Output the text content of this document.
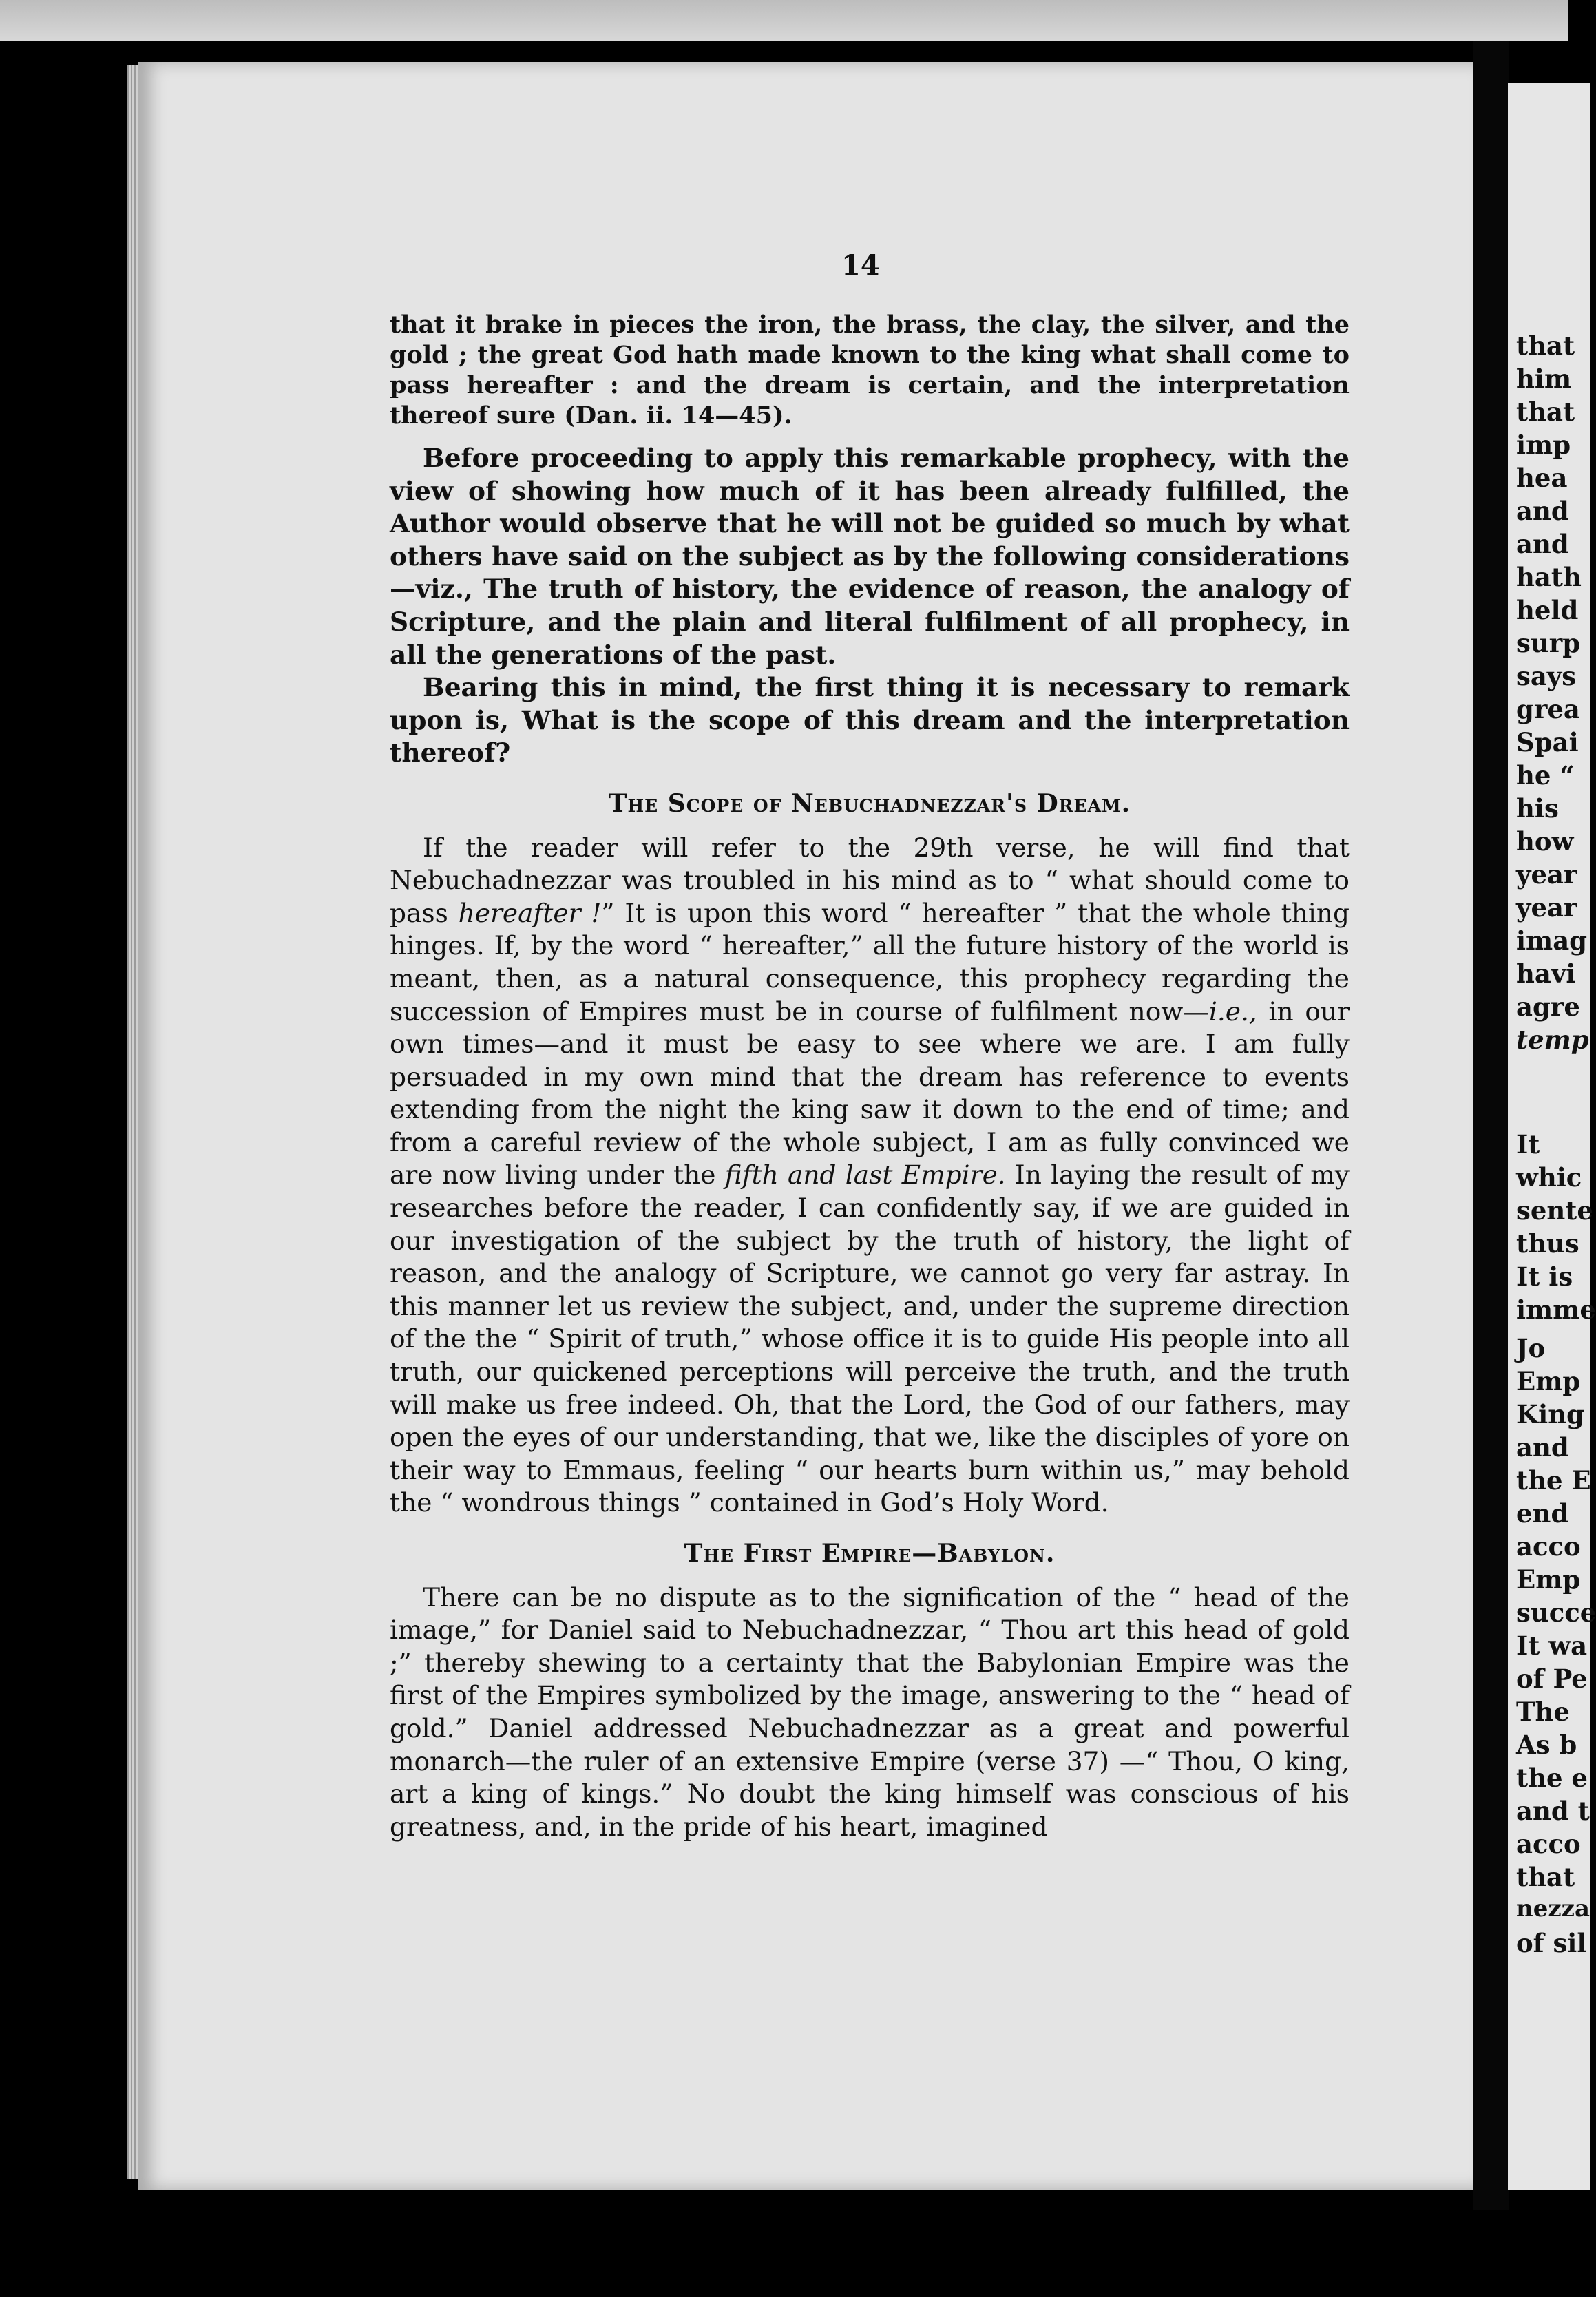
that
him
that
imp
hea
and
and
hath
held
surp
says
grea
Spai
he “
his
how
year
year
imag
havi
agre
temp
It
whic
sente
thus
It is
imme
Jo
Emp
King
and
the E
end
acco
Emp
succe
It wa
of Pe
The
As b
the e
and t
acco
that
nezza
of sil
14

that it brake in pieces the iron, the brass, the clay, the silver, and the gold ; the great God hath made known to the king what shall come to pass hereafter : and the dream is certain, and the interpretation thereof sure (Dan. ii. 14—45).

Before proceeding to apply this remarkable prophecy, with the view of showing how much of it has been already fulfilled, the Author would observe that he will not be guided so much by what others have said on the subject as by the following considerations—viz., The truth of history, the evidence of reason, the analogy of Scripture, and the plain and literal fulfilment of all prophecy, in all the generations of the past.

Bearing this in mind, the first thing it is necessary to remark upon is, What is the scope of this dream and the interpretation thereof?

The Scope of Nebuchadnezzar's Dream.

If the reader will refer to the 29th verse, he will find that Nebuchadnezzar was troubled in his mind as to “ what should come to pass hereafter !” It is upon this word “ hereafter ” that the whole thing hinges. If, by the word “ hereafter,” all the future history of the world is meant, then, as a natural consequence, this prophecy regarding the succession of Empires must be in course of fulfilment now—i.e., in our own times—and it must be easy to see where we are. I am fully persuaded in my own mind that the dream has reference to events extending from the night the king saw it down to the end of time; and from a careful review of the whole subject, I am as fully convinced we are now living under the fifth and last Empire. In laying the result of my researches before the reader, I can confidently say, if we are guided in our investigation of the subject by the truth of history, the light of reason, and the analogy of Scripture, we cannot go very far astray. In this manner let us review the subject, and, under the supreme direction of the the “ Spirit of truth,” whose office it is to guide His people into all truth, our quickened perceptions will perceive the truth, and the truth will make us free indeed. Oh, that the Lord, the God of our fathers, may open the eyes of our understanding, that we, like the disciples of yore on their way to Emmaus, feeling “ our hearts burn within us,” may behold the “ wondrous things ” contained in God’s Holy Word.

The First Empire—Babylon.

There can be no dispute as to the signification of the “ head of the image,” for Daniel said to Nebuchadnezzar, “ Thou art this head of gold ;” thereby shewing to a certainty that the Babylonian Empire was the first of the Empires symbolized by the image, answering to the “ head of gold.” Daniel addressed Nebuchadnezzar as a great and powerful monarch—the ruler of an extensive Empire (verse 37) —“ Thou, O king, art a king of kings.” No doubt the king himself was conscious of his greatness, and, in the pride of his heart, imagined
